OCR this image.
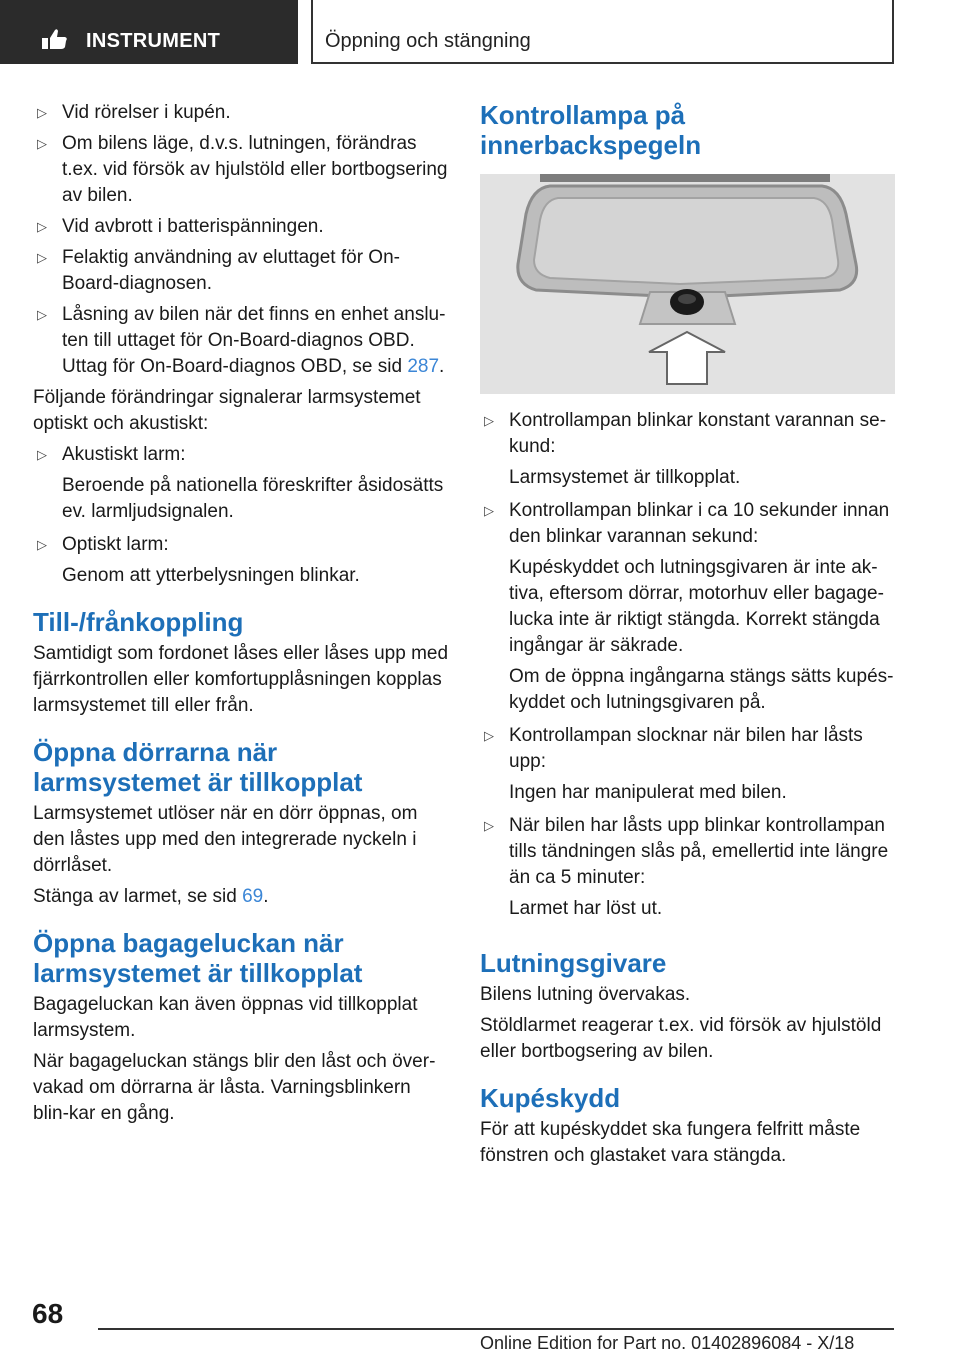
INSTRUMENT	Öppning och stängning
▷ Vid rörelser i kupén.
▷ Om bilens läge, d.v.s. lutningen, förändras t.ex. vid försök av hjulstöld eller bortbogsering av bilen.
▷ Vid avbrott i batterispänningen.
▷ Felaktig användning av eluttaget för On-Board-diagnosen.
▷ Låsning av bilen när det finns en enhet anslu-ten till uttaget för On-Board-diagnos OBD. Uttag för On-Board-diagnos OBD, se sid 287.

Följande förändringar signalerar larmsystemet optiskt och akustiskt:

▷ Akustiskt larm:
Beroende på nationella föreskrifter åsidosätts ev. larmljudsignalen.
▷ Optiskt larm:
Genom att ytterbelysningen blinkar.
Till-/frånkoppling

Samtidigt som fordonet låses eller låses upp med fjärrkontrollen eller komfortupplåsningen kopplas larmsystemet till eller från.

Öppna dörrarna när larmsystemet är tillkopplat

Larmsystemet utlöser när en dörr öppnas, om den låstes upp med den integrerade nyckeln i dörrlåset.

Stänga av larmet, se sid 69.

Öppna bagageluckan när larmsystemet är tillkopplat

Bagageluckan kan även öppnas vid tillkopplat larmsystem.

När bagageluckan stängs blir den låst och över-vakad om dörrarna är låsta. Varningsblinkern blin-kar en gång.

Kontrollampa på innerbackspegeln
▷ Kontrollampan blinkar konstant varannan se-kund:
Larmsystemet är tillkopplat.
▷ Kontrollampan blinkar i ca 10 sekunder innan den blinkar varannan sekund:
Kupéskyddet och lutningsgivaren är inte ak-tiva, eftersom dörrar, motorhuv eller bagage-lucka inte är riktigt stängda. Korrekt stängda ingångar är säkrade.
Om de öppna ingångarna stängs sätts kupés-kyddet och lutningsgivaren på.
▷ Kontrollampan slocknar när bilen har låsts upp:
Ingen har manipulerat med bilen.
▷ När bilen har låsts upp blinkar kontrollampan tills tändningen slås på, emellertid inte längre än ca 5 minuter:
Larmet har löst ut.
Lutningsgivare

Bilens lutning övervakas.

Stöldlarmet reagerar t.ex. vid försök av hjulstöld eller bortbogsering av bilen.

Kupéskydd

För att kupéskyddet ska fungera felfritt måste fönstren och glastaket vara stängda.

68
Online Edition for Part no. 01402896084 - X/18
